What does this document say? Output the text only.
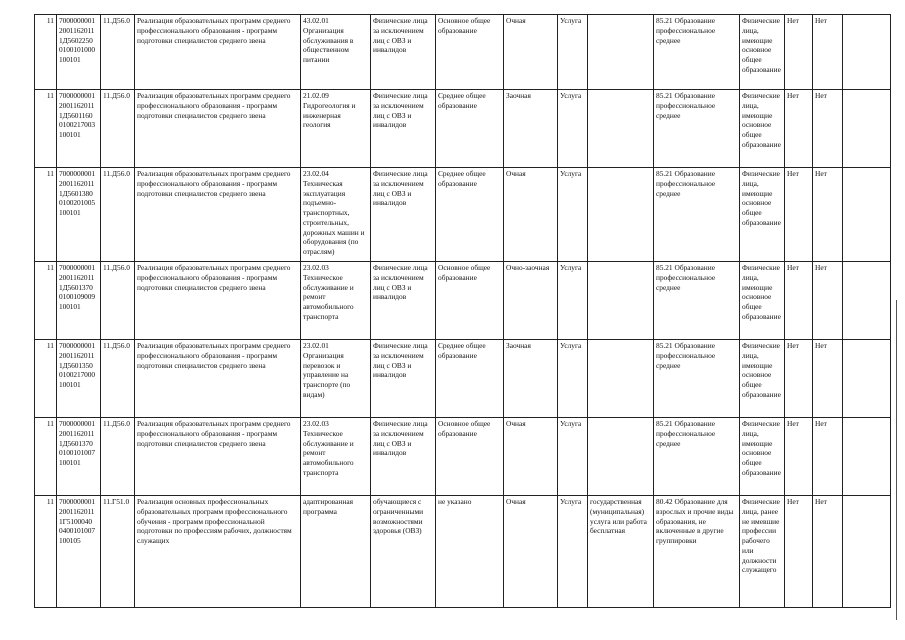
11	7000000001 2001162011 1Д5602250 0100101000 100101	11.Д56.0	Реализация образовательных программ среднего профессионального образования - программ подготовки специалистов среднего звена	43.02.01 Организация обслуживания в общественном питании	Физические лица за исключением лиц с ОВЗ и инвалидов	Основное общее образование	Очная	Услуга		85.21 Образование профессиональное среднее	Физические лица, имеющие основное общее образование	Нет	Нет	
11	7000000001 2001162011 1Д5601160 0100217003 100101	11.Д56.0	Реализация образовательных программ среднего профессионального образования - программ подготовки специалистов среднего звена	21.02.09 Гидрогеология и инженерная геология	Физические лица за исключением лиц с ОВЗ и инвалидов	Среднее общее образование	Заочная	Услуга		85.21 Образование профессиональное среднее	Физические лица, имеющие основное общее образование	Нет	Нет	
11	7000000001 2001162011 1Д5601380 0100201005 100101	11.Д56.0	Реализация образовательных программ среднего профессионального образования - программ подготовки специалистов среднего звена	23.02.04 Техническая эксплуатация подъемно-транспортных, строительных, дорожных машин и оборудования (по отраслям)	Физические лица за исключением лиц с ОВЗ и инвалидов	Среднее общее образование	Очная	Услуга		85.21 Образование профессиональное среднее	Физические лица, имеющие основное общее образование	Нет	Нет	
11	7000000001 2001162011 1Д5601370 0100109009 100101	11.Д56.0	Реализация образовательных программ среднего профессионального образования - программ подготовки специалистов среднего звена	23.02.03 Техническое обслуживание и ремонт автомобильного транспорта	Физические лица за исключением лиц с ОВЗ и инвалидов	Основное общее образование	Очно-заочная	Услуга		85.21 Образование профессиональное среднее	Физические лица, имеющие основное общее образование	Нет	Нет	
11	7000000001 2001162011 1Д5601350 0100217000 100101	11.Д56.0	Реализация образовательных программ среднего профессионального образования - программ подготовки специалистов среднего звена	23.02.01 Организация перевозок и управление на транспорте (по видам)	Физические лица за исключением лиц с ОВЗ и инвалидов	Среднее общее образование	Заочная	Услуга		85.21 Образование профессиональное среднее	Физические лица, имеющие основное общее образование	Нет	Нет	
11	7000000001 2001162011 1Д5601370 0100101007 100101	11.Д56.0	Реализация образовательных программ среднего профессионального образования - программ подготовки специалистов среднего звена	23.02.03 Техническое обслуживание и ремонт автомобильного транспорта	Физические лица за исключением лиц с ОВЗ и инвалидов	Основное общее образование	Очная	Услуга		85.21 Образование профессиональное среднее	Физические лица, имеющие основное общее образование	Нет	Нет	
11	7000000001 2001162011 1Г5100040 0400101007 100105	11.Г51.0	Реализация основных профессиональных образовательных программ профессионального обучения - программ профессиональной подготовки по профессиям рабочих, должностям служащих	адаптированная программа	обучающиеся с ограниченными возможностями здоровья (ОВЗ)	не указано	Очная	Услуга	государственная (муниципальная) услуга или работа бесплатная	80.42 Образование для взрослых и прочие виды образования, не включенные в другие группировки	Физические лица, ранее не имевшие профессии рабочего или должности служащего	Нет	Нет	
